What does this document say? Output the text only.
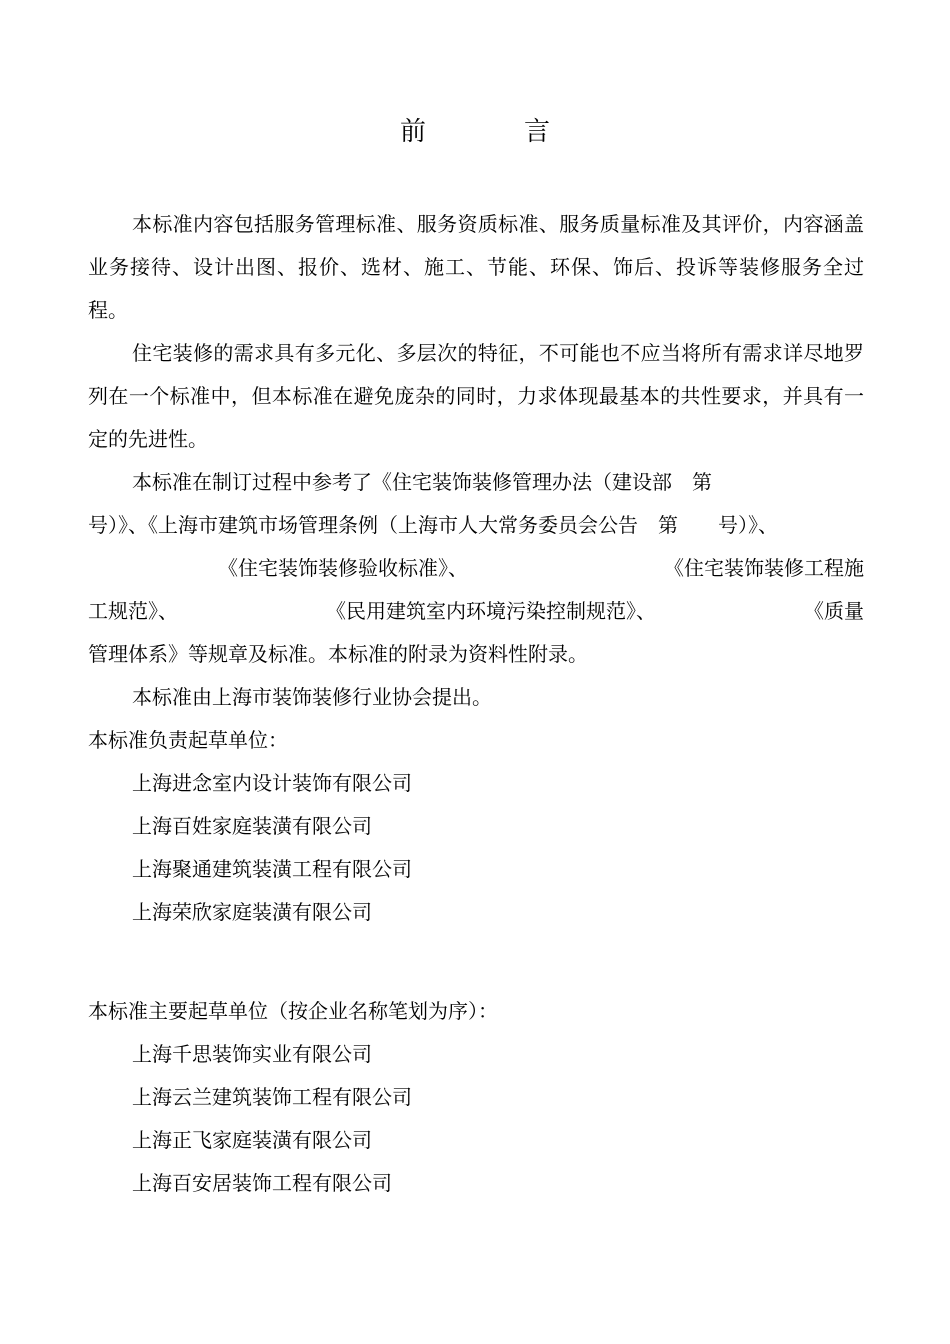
前　言

本标准内容包括服务管理标准、服务资质标准、服务质量标准及其评价，内容涵盖业务接待、设计出图、报价、选材、施工、节能、环保、饰后、投诉等装修服务全过程。

住宅装修的需求具有多元化、多层次的特征，不可能也不应当将所有需求详尽地罗列在一个标准中，但本标准在避免庞杂的同时，力求体现最基本的共性要求，并具有一定的先进性。

本标准在制订过程中参考了《住宅装饰装修管理办法（建设部　第

号）》、《上海市建筑市场管理条例（上海市人大常务委员会公告　第　　号）》、

《住宅装饰装修验收标准》、	《住宅装饰装修工程施
工规范》、	《民用建筑室内环境污染控制规范》、	《质量

管理体系》等规章及标准。本标准的附录为资料性附录。

本标准由上海市装饰装修行业协会提出。

本标准负责起草单位：

上海进念室内设计装饰有限公司

上海百姓家庭装潢有限公司

上海聚通建筑装潢工程有限公司

上海荣欣家庭装潢有限公司

本标准主要起草单位（按企业名称笔划为序）：

上海千思装饰实业有限公司

上海云兰建筑装饰工程有限公司

上海正飞家庭装潢有限公司

上海百安居装饰工程有限公司
